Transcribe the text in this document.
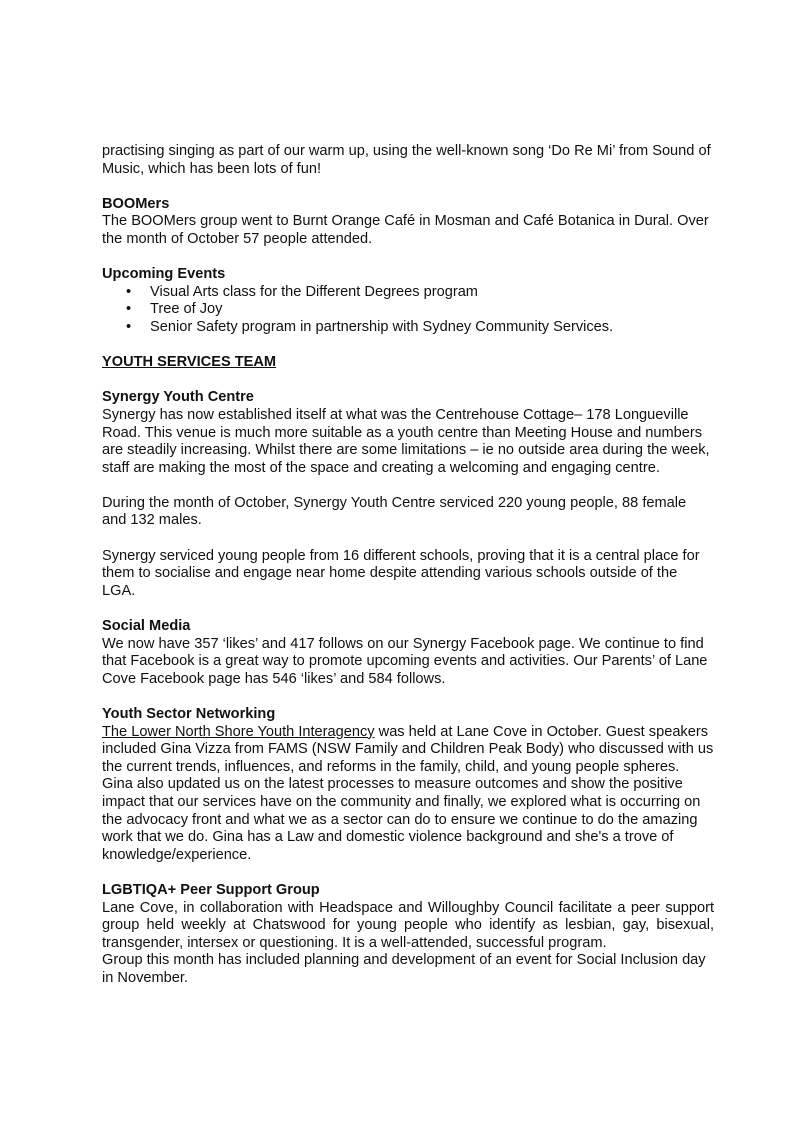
practising singing as part of our warm up, using the well-known song ‘Do Re Mi’ from Sound of Music, which has been lots of fun!

BOOMers

The BOOMers group went to Burnt Orange Café in Mosman and Café Botanica in Dural. Over the month of October 57 people attended.

Upcoming Events

• Visual Arts class for the Different Degrees program
• Tree of Joy
• Senior Safety program in partnership with Sydney Community Services.

YOUTH SERVICES TEAM

Synergy Youth Centre

Synergy has now established itself at what was the Centrehouse Cottage– 178 Longueville Road. This venue is much more suitable as a youth centre than Meeting House and numbers are steadily increasing. Whilst there are some limitations – ie no outside area during the week, staff are making the most of the space and creating a welcoming and engaging centre.

During the month of October, Synergy Youth Centre serviced 220 young people, 88 female and 132 males.

Synergy serviced young people from 16 different schools, proving that it is a central place for them to socialise and engage near home despite attending various schools outside of the LGA.

Social Media

We now have 357 ‘likes’ and 417 follows on our Synergy Facebook page. We continue to find that Facebook is a great way to promote upcoming events and activities. Our Parents’ of Lane Cove Facebook page has 546 ‘likes’ and 584 follows.

Youth Sector Networking

The Lower North Shore Youth Interagency was held at Lane Cove in October. Guest speakers included Gina Vizza from FAMS (NSW Family and Children Peak Body) who discussed with us the current trends, influences, and reforms in the family, child, and young people spheres. Gina also updated us on the latest processes to measure outcomes and show the positive impact that our services have on the community and finally, we explored what is occurring on the advocacy front and what we as a sector can do to ensure we continue to do the amazing work that we do. Gina has a Law and domestic violence background and she's a trove of knowledge/experience.

LGBTIQA+ Peer Support Group

Lane Cove, in collaboration with Headspace and Willoughby Council facilitate a peer support group held weekly at Chatswood for young people who identify as lesbian, gay, bisexual, transgender, intersex or questioning. It is a well-attended, successful program.

Group this month has included planning and development of an event for Social Inclusion day in November.
